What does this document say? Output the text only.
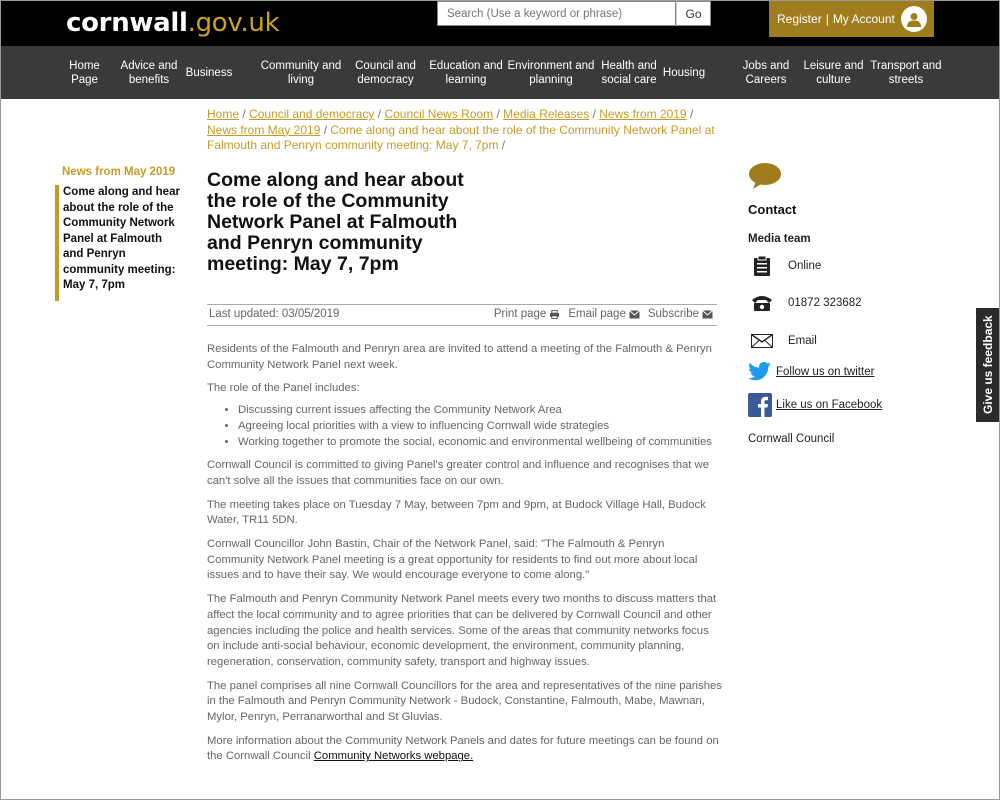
cornwall.gov.uk
Search (Use a keyword or phrase)	Go	Register | My Account
Home
Page
Advice and
benefits
Business
Community and
living
Council and
democracy
Education and
learning
Environment and
planning
Health and
social care
Housing
Jobs and
Careers
Leisure and
culture
Transport and
streets
Home / Council and democracy / Council News Room / Media Releases / News from 2019 / News from May 2019 / Come along and hear about the role of the Community Network Panel at Falmouth and Penryn community meeting: May 7, 7pm /
News from May 2019
Come along and hear about the role of the Community Network Panel at Falmouth and Penryn community meeting: May 7, 7pm
Come along and hear about the role of the Community Network Panel at Falmouth and Penryn community meeting: May 7, 7pm
Last updated: 03/05/2019	Print page Email page Subscribe

Residents of the Falmouth and Penryn area are invited to attend a meeting of the Falmouth & Penryn Community Network Panel next week.

The role of the Panel includes:

• Discussing current issues affecting the Community Network Area
• Agreeing local priorities with a view to influencing Cornwall wide strategies
• Working together to promote the social, economic and environmental wellbeing of communities

Cornwall Council is committed to giving Panel's greater control and influence and recognises that we can't solve all the issues that communities face on our own.

The meeting takes place on Tuesday 7 May, between 7pm and 9pm, at Budock Village Hall, Budock Water, TR11 5DN.

Cornwall Councillor John Bastin, Chair of the Network Panel, said: "The Falmouth & Penryn Community Network Panel meeting is a great opportunity for residents to find out more about local issues and to have their say. We would encourage everyone to come along."

The Falmouth and Penryn Community Network Panel meets every two months to discuss matters that affect the local community and to agree priorities that can be delivered by Cornwall Council and other agencies including the police and health services. Some of the areas that community networks focus on include anti-social behaviour, economic development, the environment, community planning, regeneration, conservation, community safety, transport and highway issues.

The panel comprises all nine Cornwall Councillors for the area and representatives of the nine parishes in the Falmouth and Penryn Community Network - Budock, Constantine, Falmouth, Mabe, Mawnan, Mylor, Penryn, Perranarworthal and St Gluvias.

More information about the Community Network Panels and dates for future meetings can be found on the Cornwall Council Community Networks webpage.

Contact
Media team
Online
01872 323682
Email
Follow us on twitter
Like us on Facebook
Cornwall Council
Give us feedback
